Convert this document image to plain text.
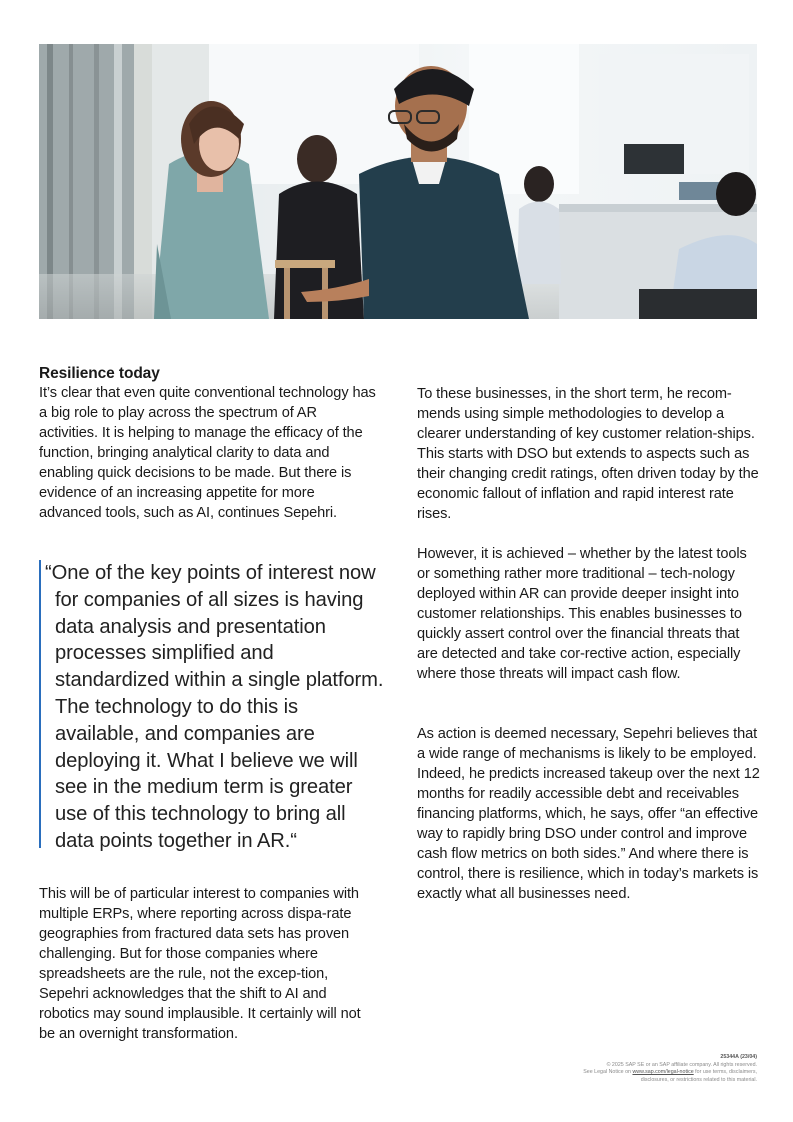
Resilience today

It’s clear that even quite conventional technology has a big role to play across the spectrum of AR activities. It is helping to manage the efficacy of the function, bringing analytical clarity to data and enabling quick decisions to be made. But there is evidence of an increasing appetite for more advanced tools, such as AI, continues Sepehri.

“One of the key points of interest now for companies of all sizes is having data analysis and presentation processes simplified and standardized within a single platform. The technology to do this is available, and companies are deploying it. What I believe we will see in the medium term is greater use of this technology to bring all data points together in AR.“

This will be of particular interest to companies with multiple ERPs, where reporting across dispa-rate geographies from fractured data sets has proven challenging. But for those companies where spreadsheets are the rule, not the excep-tion, Sepehri acknowledges that the shift to AI and robotics may sound implausible. It certainly will not be an overnight transformation.

To these businesses, in the short term, he recom-mends using simple methodologies to develop a clearer understanding of key customer relation-ships. This starts with DSO but extends to aspects such as their changing credit ratings, often driven today by the economic fallout of inflation and rapid interest rate rises.

However, it is achieved – whether by the latest tools or something rather more traditional – tech-nology deployed within AR can provide deeper insight into customer relationships. This enables businesses to quickly assert control over the financial threats that are detected and take cor-rective action, especially where those threats will impact cash flow.

As action is deemed necessary, Sepehri believes that a wide range of mechanisms is likely to be employed. Indeed, he predicts increased takeup over the next 12 months for readily accessible debt and receivables financing platforms, which, he says, offer “an effective way to rapidly bring DSO under control and improve cash flow metrics on both sides.” And where there is control, there is resilience, which in today’s markets is exactly what all businesses need.

25344A (23/04)
© 2025 SAP SE or an SAP affiliate company. All rights reserved.
See Legal Notice on www.sap.com/legal-notice for use terms, disclaimers,
disclosures, or restrictions related to this material.
